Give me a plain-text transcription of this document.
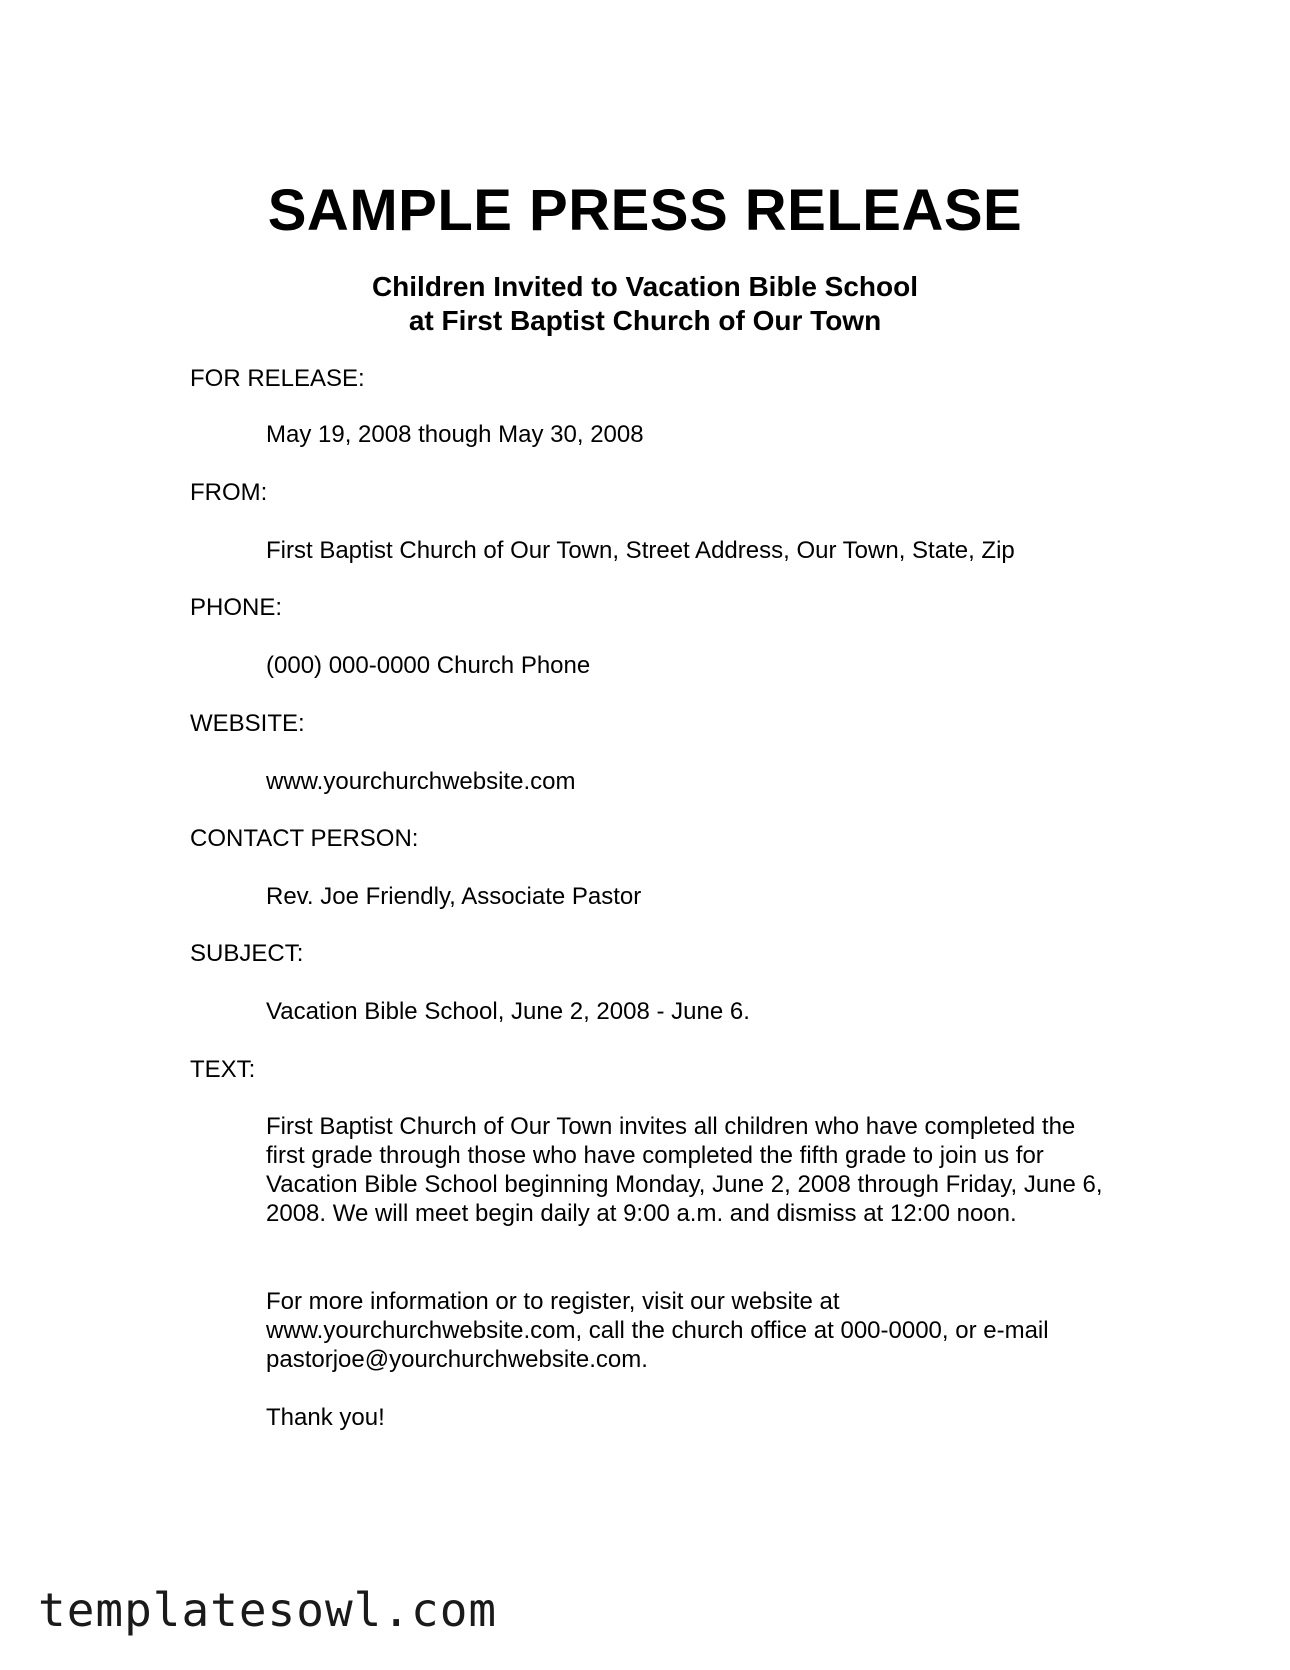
SAMPLE PRESS RELEASE
Children Invited to Vacation Bible School
at First Baptist Church of Our Town

FOR RELEASE:

May 19, 2008 though May 30, 2008

FROM:

First Baptist Church of Our Town, Street Address, Our Town, State, Zip

PHONE:

(000) 000-0000 Church Phone

WEBSITE:

www.yourchurchwebsite.com

CONTACT PERSON:

Rev. Joe Friendly, Associate Pastor

SUBJECT:

Vacation Bible School, June 2, 2008 - June 6.

TEXT:

First Baptist Church of Our Town invites all children who have completed the first grade through those who have completed the fifth grade to join us for Vacation Bible School beginning Monday, June 2, 2008 through Friday, June 6, 2008. We will meet begin daily at 9:00 a.m. and dismiss at 12:00 noon.

For more information or to register, visit our website at www.yourchurchwebsite.com, call the church office at 000-0000, or e-mail pastorjoe@yourchurchwebsite.com.

Thank you!

templatesowl.com
